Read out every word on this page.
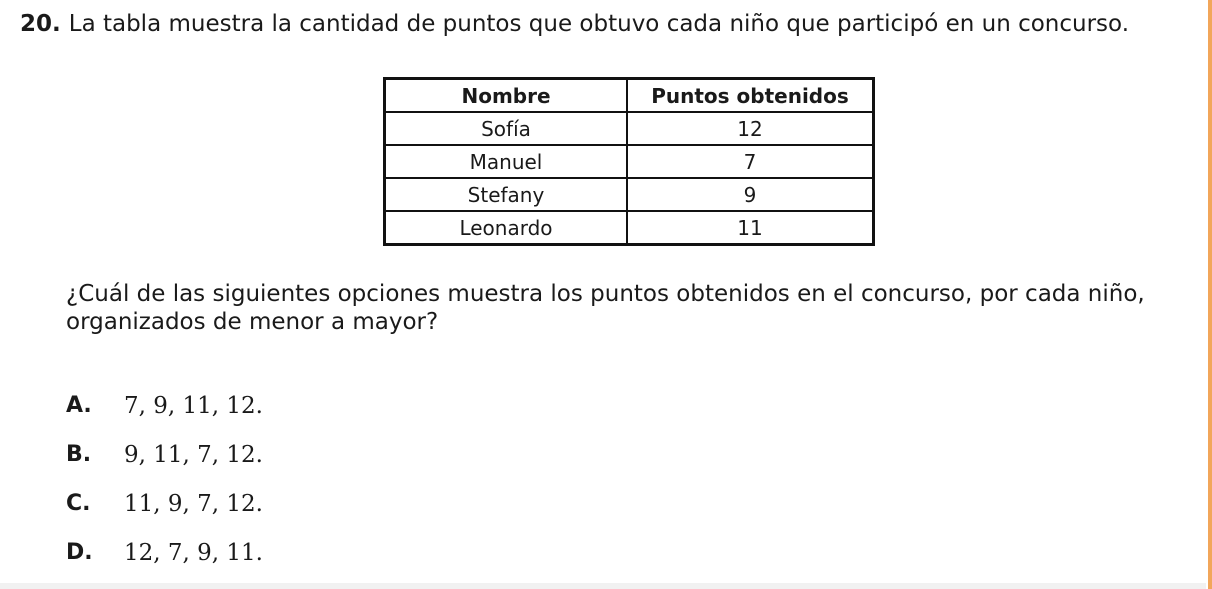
20. La tabla muestra la cantidad de puntos que obtuvo cada niño que participó en un concurso.
Nombre	Puntos obtenidos
Sofía	12
Manuel	7
Stefany	9
Leonardo	11
¿Cuál de las siguientes opciones muestra los puntos obtenidos en el concurso, por cada niño, organizados de menor a mayor?
A.	7, 9, 11, 12.
B.	9, 11, 7, 12.
C.	11, 9, 7, 12.
D.	12, 7, 9, 11.
